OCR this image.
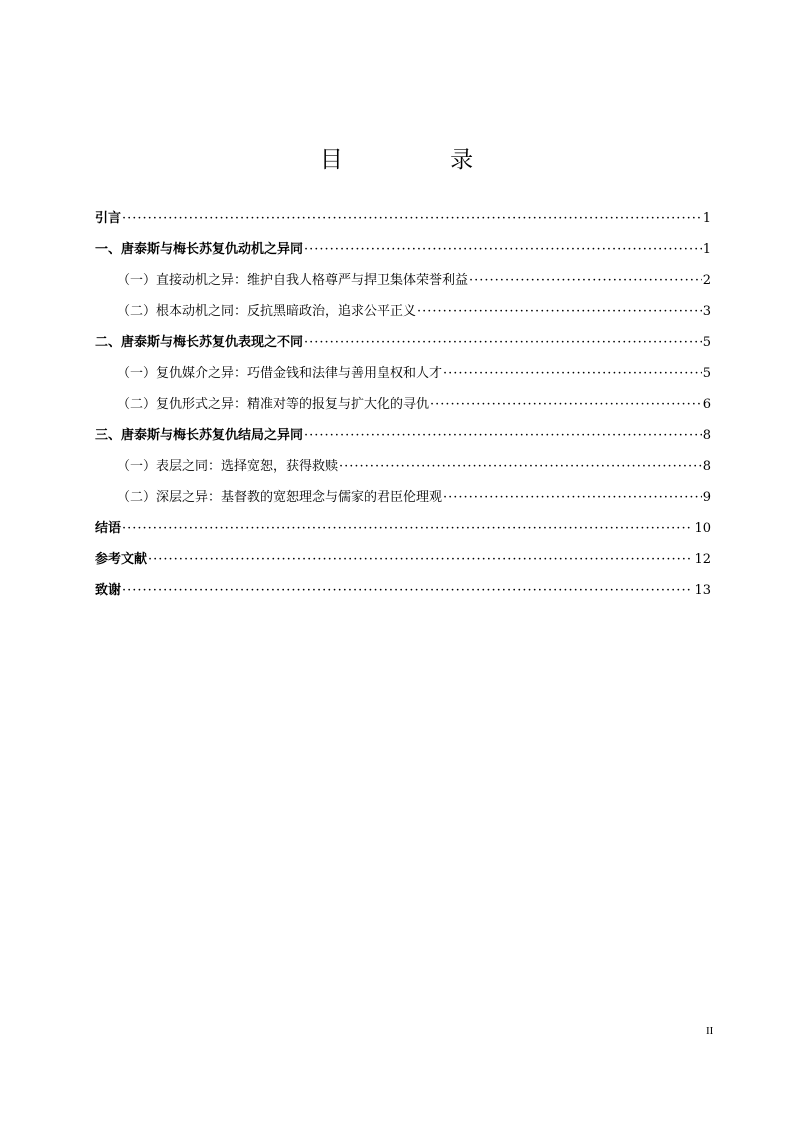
目 录
引言 ·····	1
一、唐泰斯与梅长苏复仇动机之异同 ·····	1
（一）直接动机之异：维护自我人格尊严与捍卫集体荣誉利益 ·····	2
（二）根本动机之同：反抗黑暗政治，追求公平正义 ·····	3
二、唐泰斯与梅长苏复仇表现之不同 ·····	5
（一）复仇媒介之异：巧借金钱和法律与善用皇权和人才 ·····	5
（二）复仇形式之异：精准对等的报复与扩大化的寻仇 ·····	6
三、唐泰斯与梅长苏复仇结局之异同 ·····	8
（一）表层之同：选择宽恕，获得救赎 ·····	8
（二）深层之异：基督教的宽恕理念与儒家的君臣伦理观 ·····	9
结语 ·····	10
参考文献 ·····	12
致谢 ·····	13
II
